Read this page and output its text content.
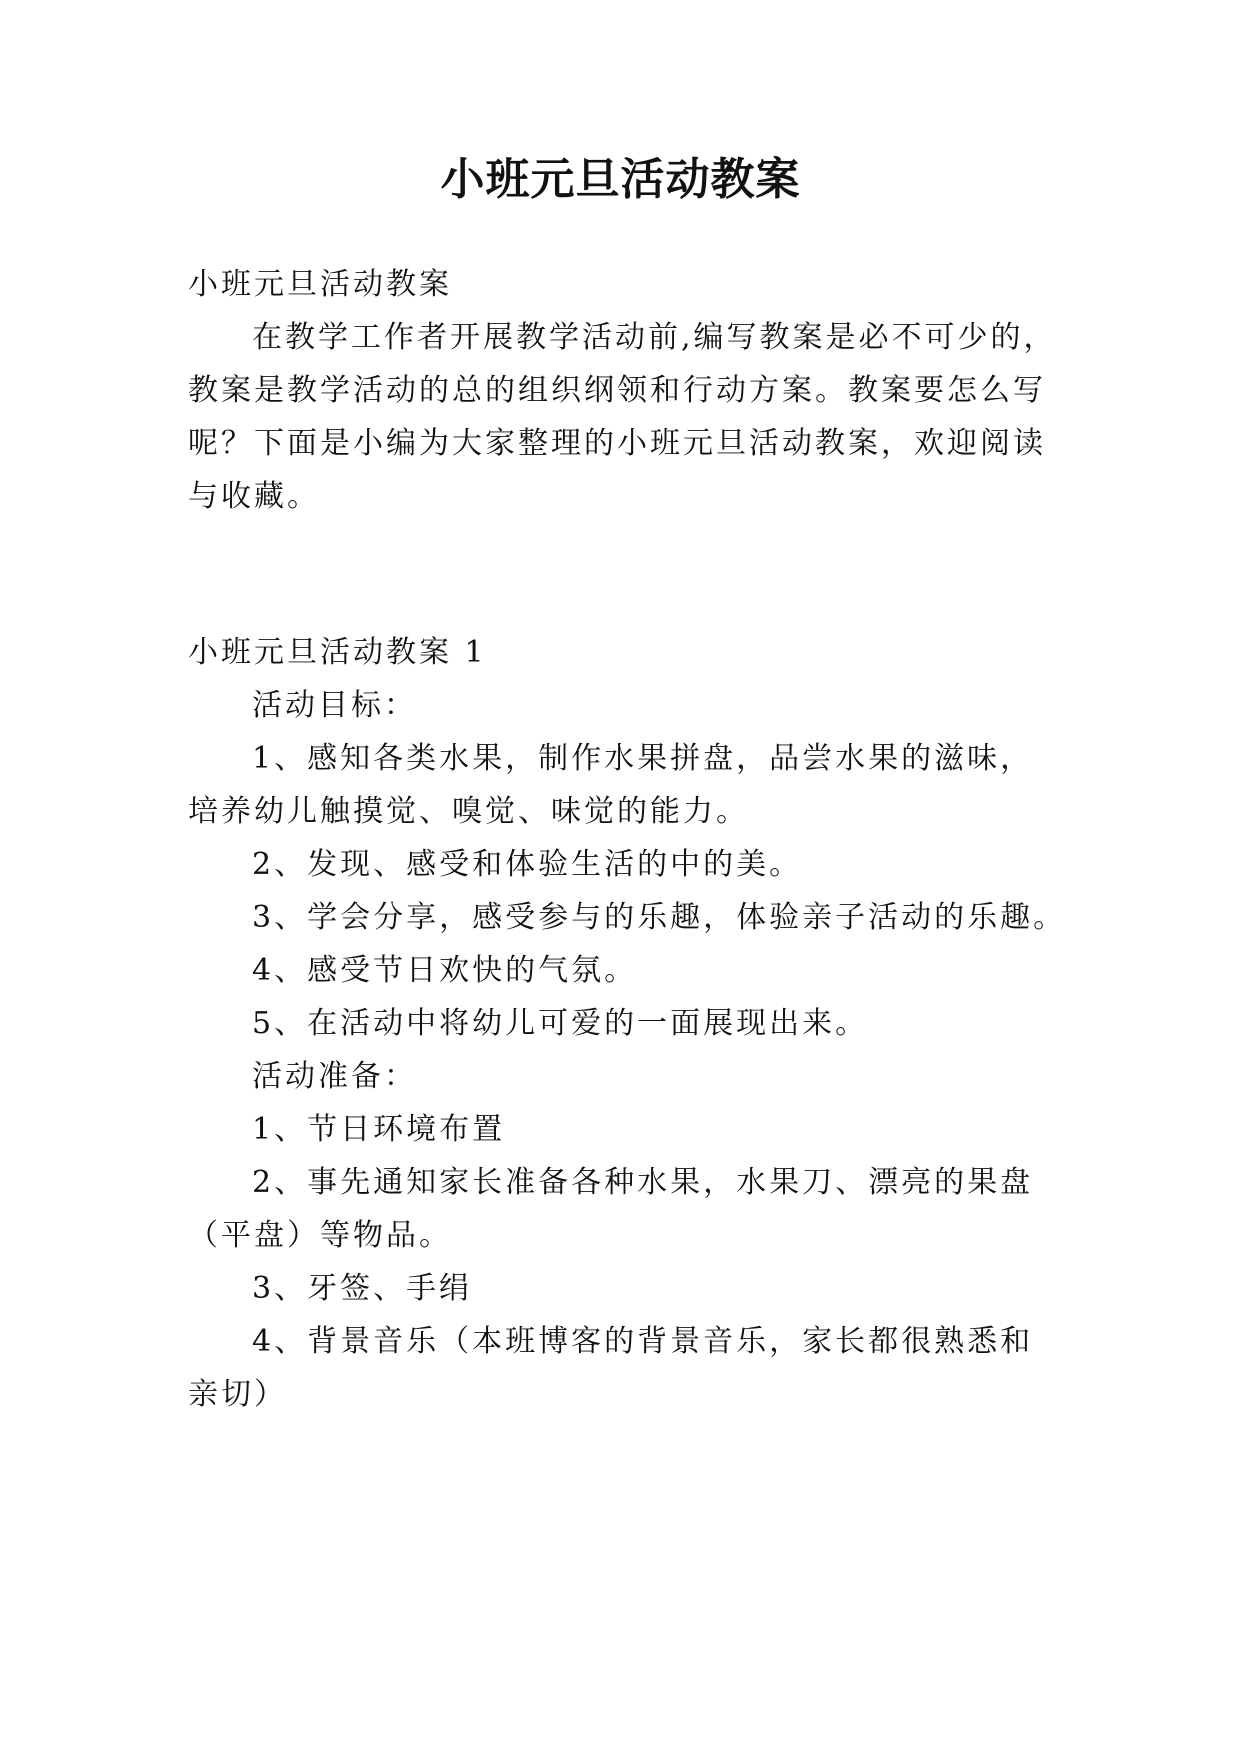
小班元旦活动教案
小班元旦活动教案
在教学工作者开展教学活动前,编写教案是必不可少的，
教案是教学活动的总的组织纲领和行动方案。教案要怎么写
呢？下面是小编为大家整理的小班元旦活动教案，欢迎阅读
与收藏。
小班元旦活动教案 1
活动目标：
1、感知各类水果，制作水果拼盘，品尝水果的滋味，
培养幼儿触摸觉、嗅觉、味觉的能力。
2、发现、感受和体验生活的中的美。
3、学会分享，感受参与的乐趣，体验亲子活动的乐趣。
4、感受节日欢快的气氛。
5、在活动中将幼儿可爱的一面展现出来。
活动准备：
1、节日环境布置
2、事先通知家长准备各种水果，水果刀、漂亮的果盘
（平盘）等物品。
3、牙签、手绢
4、背景音乐（本班博客的背景音乐，家长都很熟悉和
亲切）
